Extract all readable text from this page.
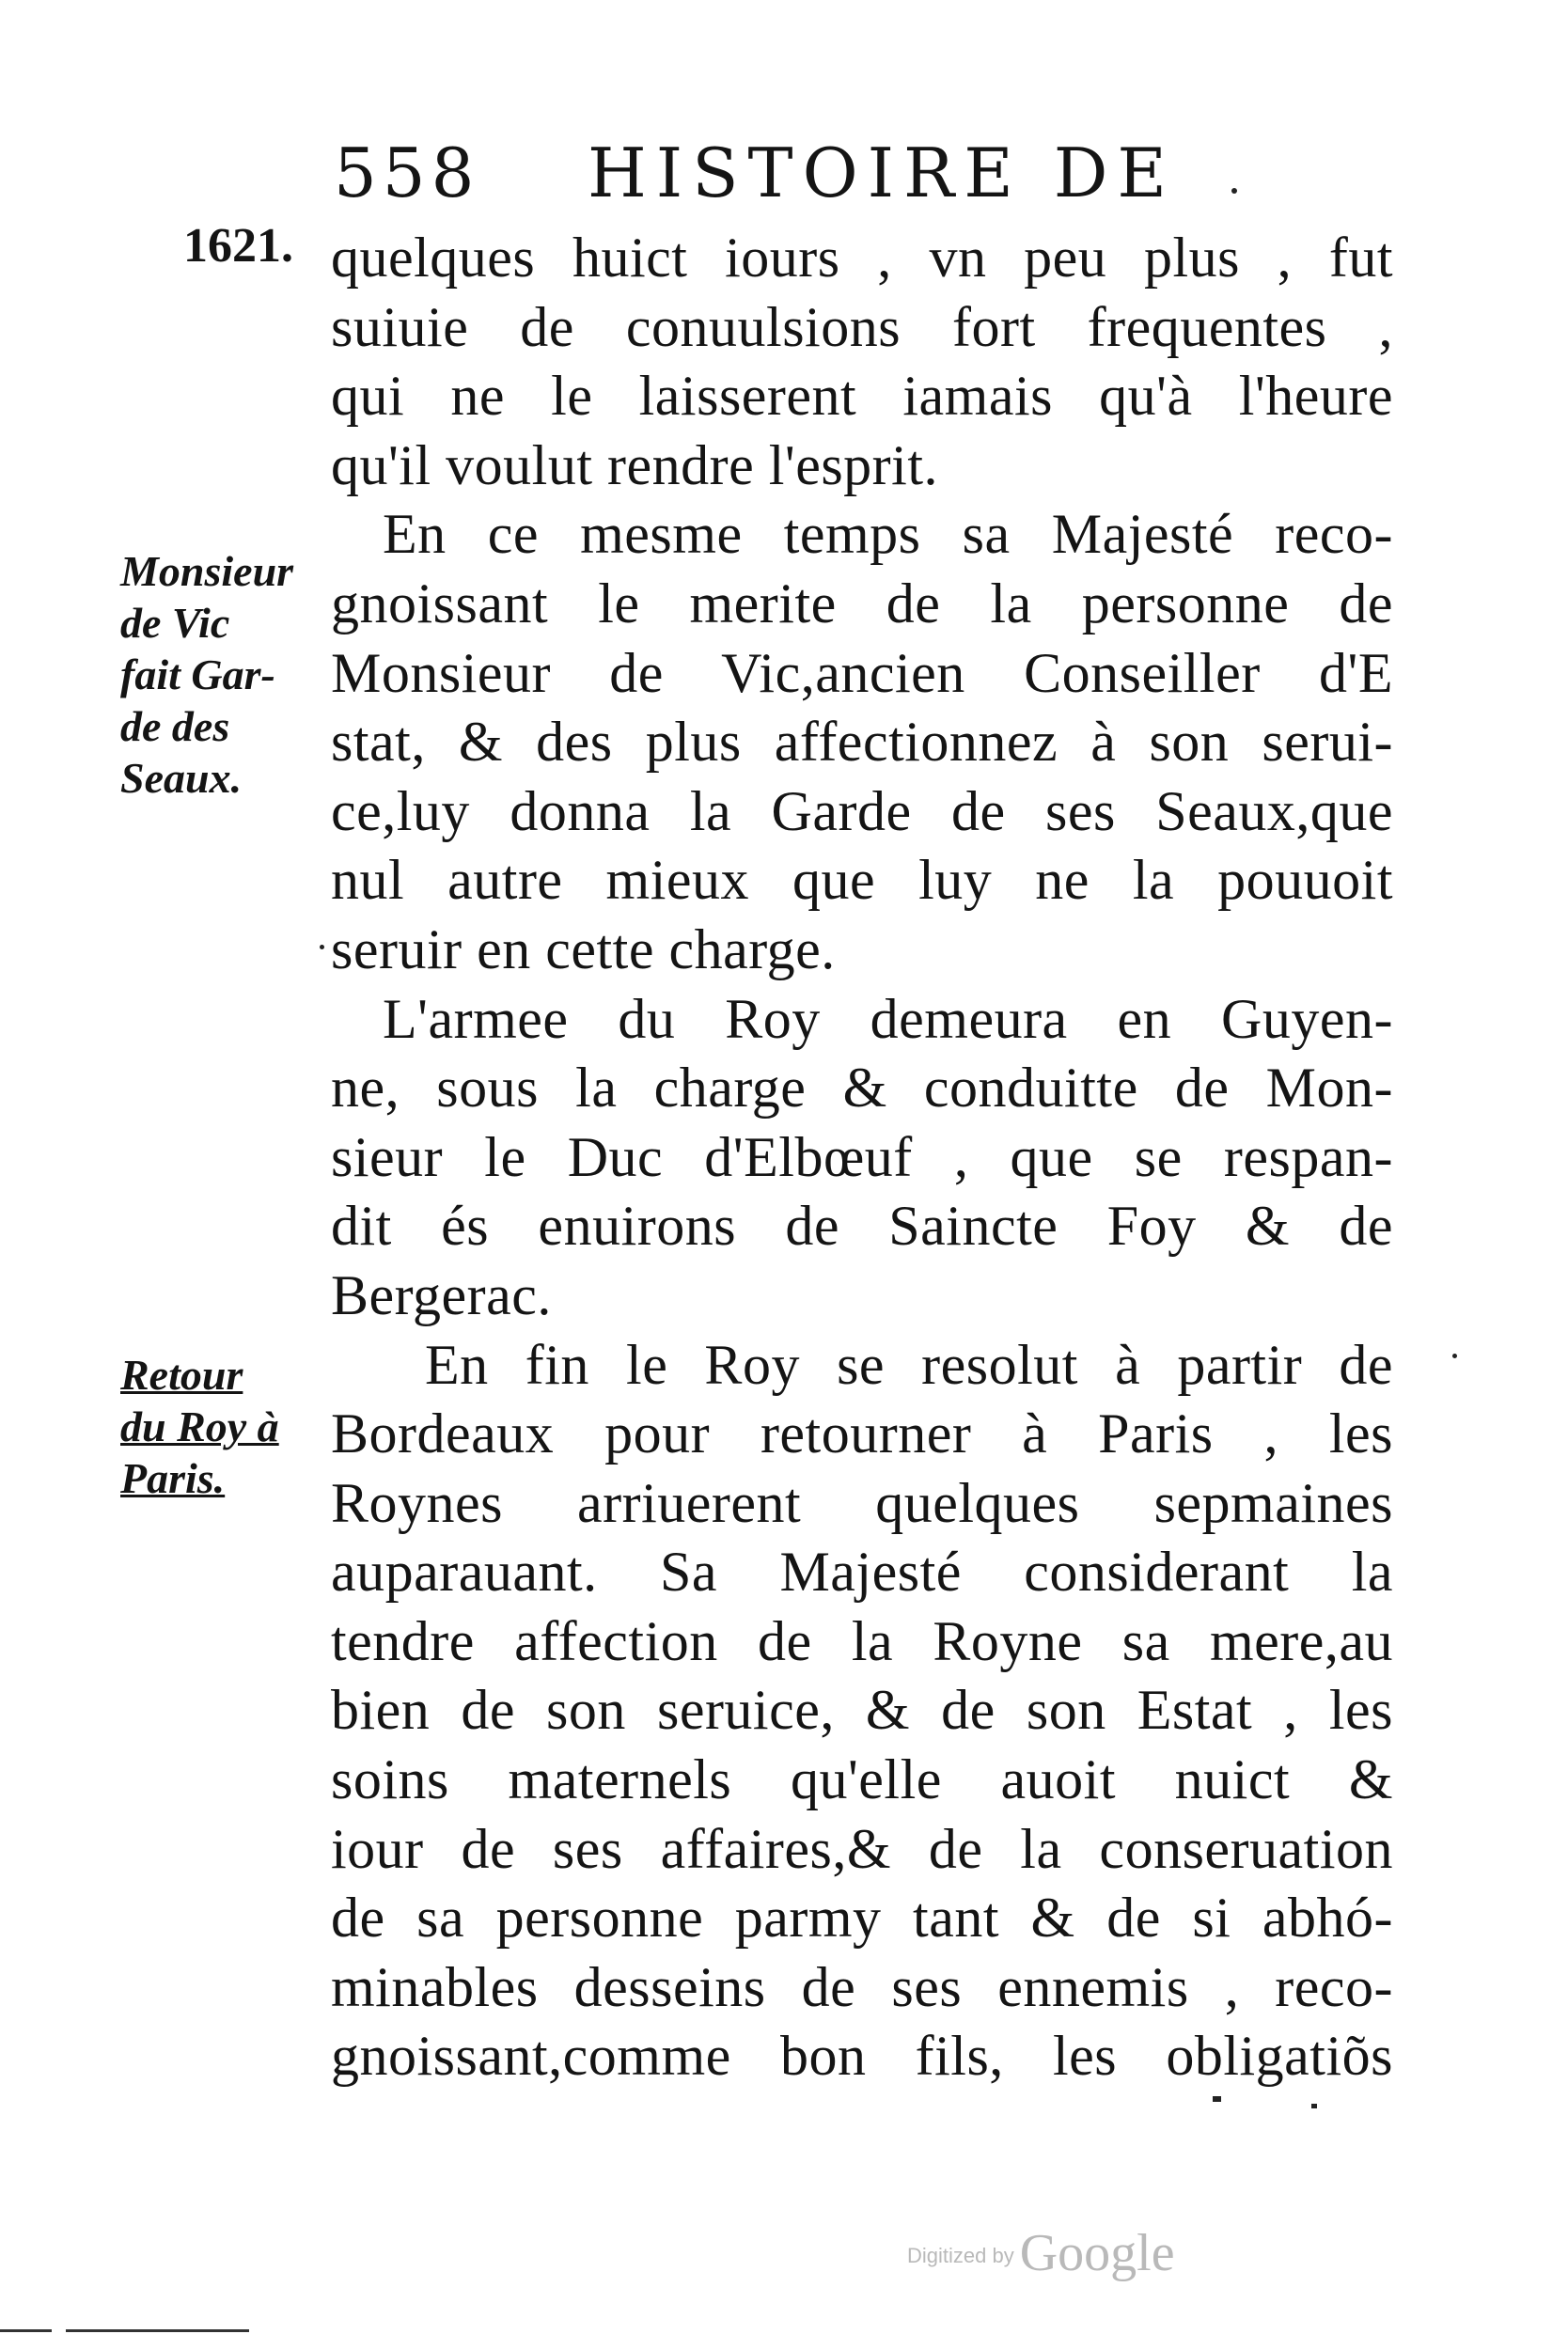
558 HISTOIRE DE
1621.
Monsieur
de Vic
fait Gar-
de des
Seaux.
Retour
du Roy à
Paris.
quelques huict iours , vn peu plus , fut
suiuie de conuulsions fort frequentes ,
qui ne le laisserent iamais qu'à l'heure
qu'il voulut rendre l'esprit.
En ce mesme temps sa Majesté reco-
gnoissant le merite de la personne de
Monsieur de Vic,ancien Conseiller d'E
stat, & des plus affectionnez à son serui-
ce,luy donna la Garde de ses Seaux,que
nul autre mieux que luy ne la pouuoit
seruir en cette charge.
L'armee du Roy demeura en Guyen-
ne, sous la charge & conduitte de Mon-
sieur le Duc d'Elbœuf , que se respan-
dit és enuirons de Saincte Foy & de
Bergerac.
En fin le Roy se resolut à partir de
Bordeaux pour retourner à Paris , les
Roynes arriuerent quelques sepmaines
auparauant. Sa Majesté considerant la
tendre affection de la Royne sa mere,au
bien de son seruice, & de son Estat , les
soins maternels qu'elle auoit nuict &
iour de ses affaires,& de la conseruation
de sa personne parmy tant & de si abhó-
minables desseins de ses ennemis , reco-
gnoissant,comme bon fils, les obligatiõs
Digitized by Google
